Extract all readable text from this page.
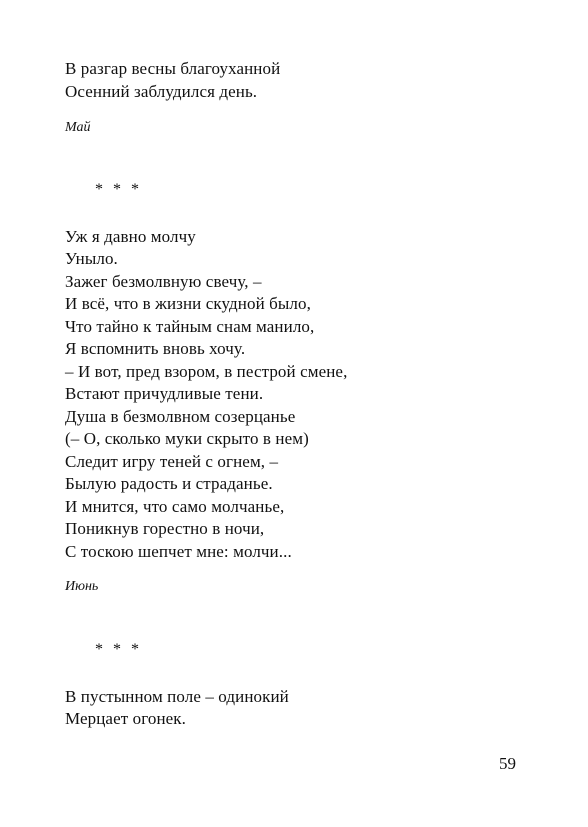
В разгар весны благоуханной
Осенний заблудился день.
Май
* * *
Уж я давно молчу
Уныло.
Зажег безмолвную свечу, –
И всё, что в жизни скудной было,
Что тайно к тайным снам манило,
Я вспомнить вновь хочу.
– И вот, пред взором, в пестрой смене,
Встают причудливые тени.
Душа в безмолвном созерцанье
(– О, сколько муки скрыто в нем)
Следит игру теней с огнем, –
Былую радость и страданье.
И мнится, что само молчанье,
Поникнув горестно в ночи,
С тоскою шепчет мне: молчи...
Июнь
* * *
В пустынном поле – одинокий
Мерцает огонек.
59
